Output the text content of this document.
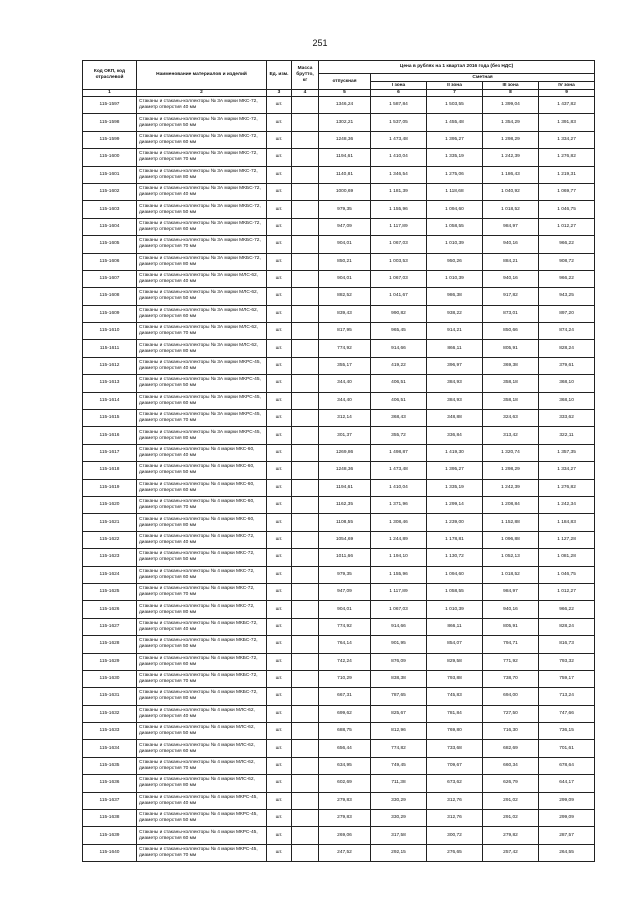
251
Код ОКП, код отраслевой	Наименование материалов и изделий	Ед. изм.	Масса брутто, кг	Цена в рублях на 1 квартал 2016 года (без НДС)				
				отпускная	Сметная			
					I зона	II зона	III зона	IV зона
1	2	3	4	5	6	7	8	9
115-1597	Стаканы и стаканы-коллекторы № 3А марки МКС-72, диаметр отверстия 40 мм	шт.		1346,24	1 587,84	1 503,55	1 399,04	1 437,82
115-1598	Стаканы и стаканы-коллекторы № 3А марки МКС-72, диаметр отверстия 50 мм	шт.		1302,21	1 537,05	1 455,48	1 354,29	1 391,83
115-1599	Стаканы и стаканы-коллекторы № 3А марки МКС-72, диаметр отверстия 60 мм	шт.		1248,36	1 473,48	1 395,27	1 298,29	1 334,27
115-1600	Стаканы и стаканы-коллекторы № 3А марки МКС-72, диаметр отверстия 70 мм	шт.		1194,61	1 410,04	1 335,19	1 242,39	1 276,82
115-1601	Стаканы и стаканы-коллекторы № 3А марки МКС-72, диаметр отверстия 80 мм	шт.		1140,81	1 346,54	1 275,06	1 186,43	1 219,31
115-1602	Стаканы и стаканы-коллекторы № 3А марки МКБС-72, диаметр отверстия 40 мм	шт.		1000,69	1 181,39	1 118,68	1 040,92	1 069,77
115-1603	Стаканы и стаканы-коллекторы № 3А марки МКБС-72, диаметр отверстия 50 мм	шт.		979,35	1 155,96	1 094,60	1 018,52	1 046,75
115-1604	Стаканы и стаканы-коллекторы № 3А марки МКБС-72, диаметр отверстия 60 мм	шт.		947,09	1 117,89	1 058,55	984,97	1 012,27
115-1605	Стаканы и стаканы-коллекторы № 3А марки МКБС-72, диаметр отверстия 70 мм	шт.		904,01	1 067,03	1 010,39	940,16	966,22
115-1606	Стаканы и стаканы-коллекторы № 3А марки МКБС-72, диаметр отверстия 80 мм	шт.		850,21	1 003,53	950,26	884,21	908,72
115-1607	Стаканы и стаканы-коллекторы № 3А марки МЛС-62, диаметр отверстия 40 мм	шт.		904,01	1 067,03	1 010,39	940,16	966,22
115-1608	Стаканы и стаканы-коллекторы № 3А марки МЛС-62, диаметр отверстия 50 мм	шт.		882,52	1 041,67	986,38	917,82	943,25
115-1609	Стаканы и стаканы-коллекторы № 3А марки МЛС-62, диаметр отверстия 60 мм	шт.		839,43	990,82	938,22	873,01	897,20
115-1610	Стаканы и стаканы-коллекторы № 3А марки МЛС-62, диаметр отверстия 70 мм	шт.		817,95	965,45	914,21	850,66	874,24
115-1611	Стаканы и стаканы-коллекторы № 3А марки МЛС-62, диаметр отверстия 80 мм	шт.		774,92	914,66	866,11	805,91	828,24
115-1612	Стаканы и стаканы-коллекторы № 3А марки МКРС-45, диаметр отверстия 40 мм	шт.		355,17	419,22	396,97	369,38	379,61
115-1613	Стаканы и стаканы-коллекторы № 3А марки МКРС-45, диаметр отверстия 50 мм	шт.		344,40	406,51	384,93	358,18	368,10
115-1614	Стаканы и стаканы-коллекторы № 3А марки МКРС-45, диаметр отверстия 60 мм	шт.		344,40	406,51	384,93	358,18	368,10
115-1615	Стаканы и стаканы-коллекторы № 3А марки МКРС-45, диаметр отверстия 70 мм	шт.		312,14	368,43	348,88	324,63	333,62
115-1616	Стаканы и стаканы-коллекторы № 3А марки МКРС-45, диаметр отверстия 80 мм	шт.		301,37	355,72	336,84	313,42	322,11
115-1617	Стаканы и стаканы-коллекторы № 4 марки МКС-60, диаметр отверстия 40 мм	шт.		1269,86	1 498,87	1 419,30	1 320,74	1 357,35
115-1618	Стаканы и стаканы-коллекторы № 4 марки МКС-60, диаметр отверстия 50 мм	шт.		1248,36	1 473,48	1 395,27	1 298,29	1 334,27
115-1619	Стаканы и стаканы-коллекторы № 4 марки МКС-60, диаметр отверстия 60 мм	шт.		1194,61	1 410,04	1 335,19	1 242,39	1 276,82
115-1620	Стаканы и стаканы-коллекторы № 4 марки МКС-60, диаметр отверстия 70 мм	шт.		1162,35	1 371,96	1 299,14	1 208,84	1 242,34
115-1621	Стаканы и стаканы-коллекторы № 4 марки МКС-60, диаметр отверстия 80 мм	шт.		1108,55	1 308,46	1 239,00	1 152,88	1 184,83
115-1622	Стаканы и стаканы-коллекторы № 4 марки МКС-72, диаметр отверстия 40 мм	шт.		1054,69	1 244,89	1 178,81	1 096,88	1 127,28
115-1623	Стаканы и стаканы-коллекторы № 4 марки МКС-72, диаметр отверстия 50 мм	шт.		1011,66	1 194,10	1 130,72	1 052,13	1 081,28
115-1624	Стаканы и стаканы-коллекторы № 4 марки МКС-72, диаметр отверстия 60 мм	шт.		979,35	1 155,96	1 094,60	1 018,52	1 046,75
115-1625	Стаканы и стаканы-коллекторы № 4 марки МКС-72, диаметр отверстия 70 мм	шт.		947,09	1 117,89	1 058,55	984,97	1 012,27
115-1626	Стаканы и стаканы-коллекторы № 4 марки МКС-72, диаметр отверстия 80 мм	шт.		904,01	1 067,03	1 010,39	940,16	966,22
115-1627	Стаканы и стаканы-коллекторы № 4 марки МКБС-72, диаметр отверстия 40 мм	шт.		774,92	914,66	866,11	805,91	828,24
115-1628	Стаканы и стаканы-коллекторы № 4 марки МКБС-72, диаметр отверстия 50 мм	шт.		764,14	901,95	854,07	794,71	816,73
115-1629	Стаканы и стаканы-коллекторы № 4 марки МКБС-72, диаметр отверстия 60 мм	шт.		742,24	876,09	829,58	771,92	793,32
115-1630	Стаканы и стаканы-коллекторы № 4 марки МКБС-72, диаметр отверстия 70 мм	шт.		710,29	838,38	793,88	738,70	759,17
115-1631	Стаканы и стаканы-коллекторы № 4 марки МКБС-72, диаметр отверстия 80 мм	шт.		667,31	787,65	745,83	694,00	713,24
115-1632	Стаканы и стаканы-коллекторы № 4 марки МЛС-62, диаметр отверстия 40 мм	шт.		699,62	825,67	781,84	727,50	747,66
115-1633	Стаканы и стаканы-коллекторы № 4 марки МЛС-62, диаметр отверстия 50 мм	шт.		688,75	812,96	769,80	716,30	736,15
115-1634	Стаканы и стаканы-коллекторы № 4 марки МЛС-62, диаметр отверстия 60 мм	шт.		656,44	774,82	733,68	682,69	701,61
115-1635	Стаканы и стаканы-коллекторы № 4 марки МЛС-62, диаметр отверстия 70 мм	шт.		634,95	749,45	709,67	660,34	678,64
115-1636	Стаканы и стаканы-коллекторы № 4 марки МЛС-62, диаметр отверстия 80 мм	шт.		602,69	711,38	673,62	626,79	644,17
115-1637	Стаканы и стаканы-коллекторы № 4 марки МКРС-45, диаметр отверстия 40 мм	шт.		279,83	330,29	312,76	291,02	299,09
115-1638	Стаканы и стаканы-коллекторы № 4 марки МКРС-45, диаметр отверстия 50 мм	шт.		279,83	330,29	312,76	291,02	299,09
115-1639	Стаканы и стаканы-коллекторы № 4 марки МКРС-45, диаметр отверстия 60 мм	шт.		269,06	317,58	300,72	279,82	287,57
115-1640	Стаканы и стаканы-коллекторы № 4 марки МКРС-45, диаметр отверстия 70 мм	шт.		247,52	292,15	276,65	257,42	264,55
